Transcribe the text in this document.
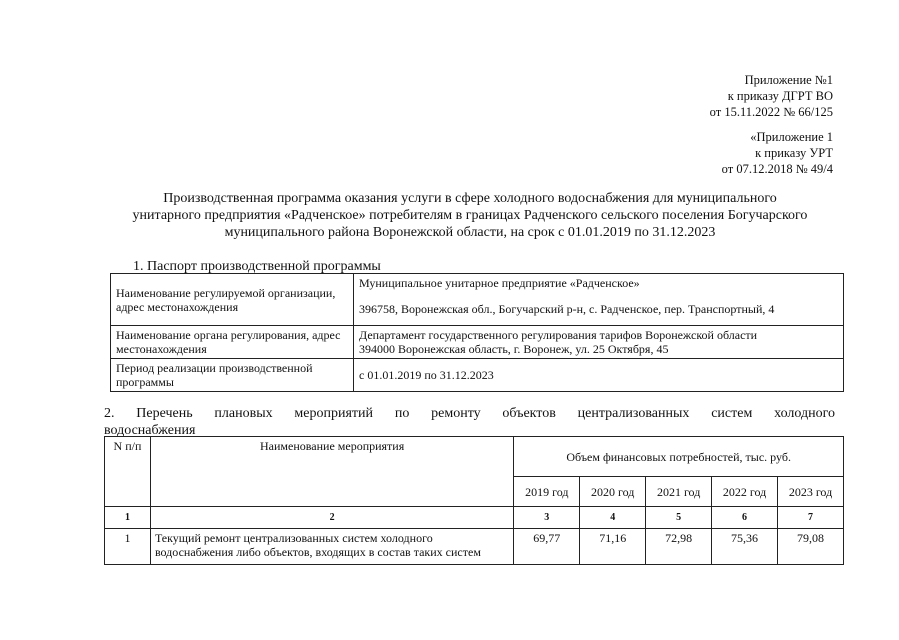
Приложение №1
к приказу ДГРТ ВО
от 15.11.2022 № 66/125
«Приложение 1
к приказу УРТ
от 07.12.2018 № 49/4
Производственная программа оказания услуги в сфере холодного водоснабжения для муниципального
унитарного предприятия «Радченское» потребителям в границах Радченского сельского поселения Богучарского
муниципального района Воронежской области, на срок с 01.01.2019 по 31.12.2023
1. Паспорт производственной программы
Наименование регулируемой организации, адрес местонахождения	Муниципальное унитарное предприятие «Радченское»
396758, Воронежская обл., Богучарский р-н, с. Радченское, пер. Транспортный, 4

Наименование органа регулирования, адрес местонахождения	Департамент государственного регулирования тарифов Воронежской области
394000 Воронежская область, г. Воронеж, ул. 25 Октября, 45

Период реализации производственной программы	с 01.01.2019 по 31.12.2023
2. Перечень плановых мероприятий по ремонту объектов централизованных систем холодного
водоснабжения
N п/п	Наименование мероприятия	Объем финансовых потребностей, тыс. руб.				
		2019 год	2020 год	2021 год	2022 год	2023 год
1	2	3	4	5	6	7
1	Текущий ремонт централизованных систем холодного водоснабжения либо объектов, входящих в состав таких систем	69,77	71,16	72,98	75,36	79,08
